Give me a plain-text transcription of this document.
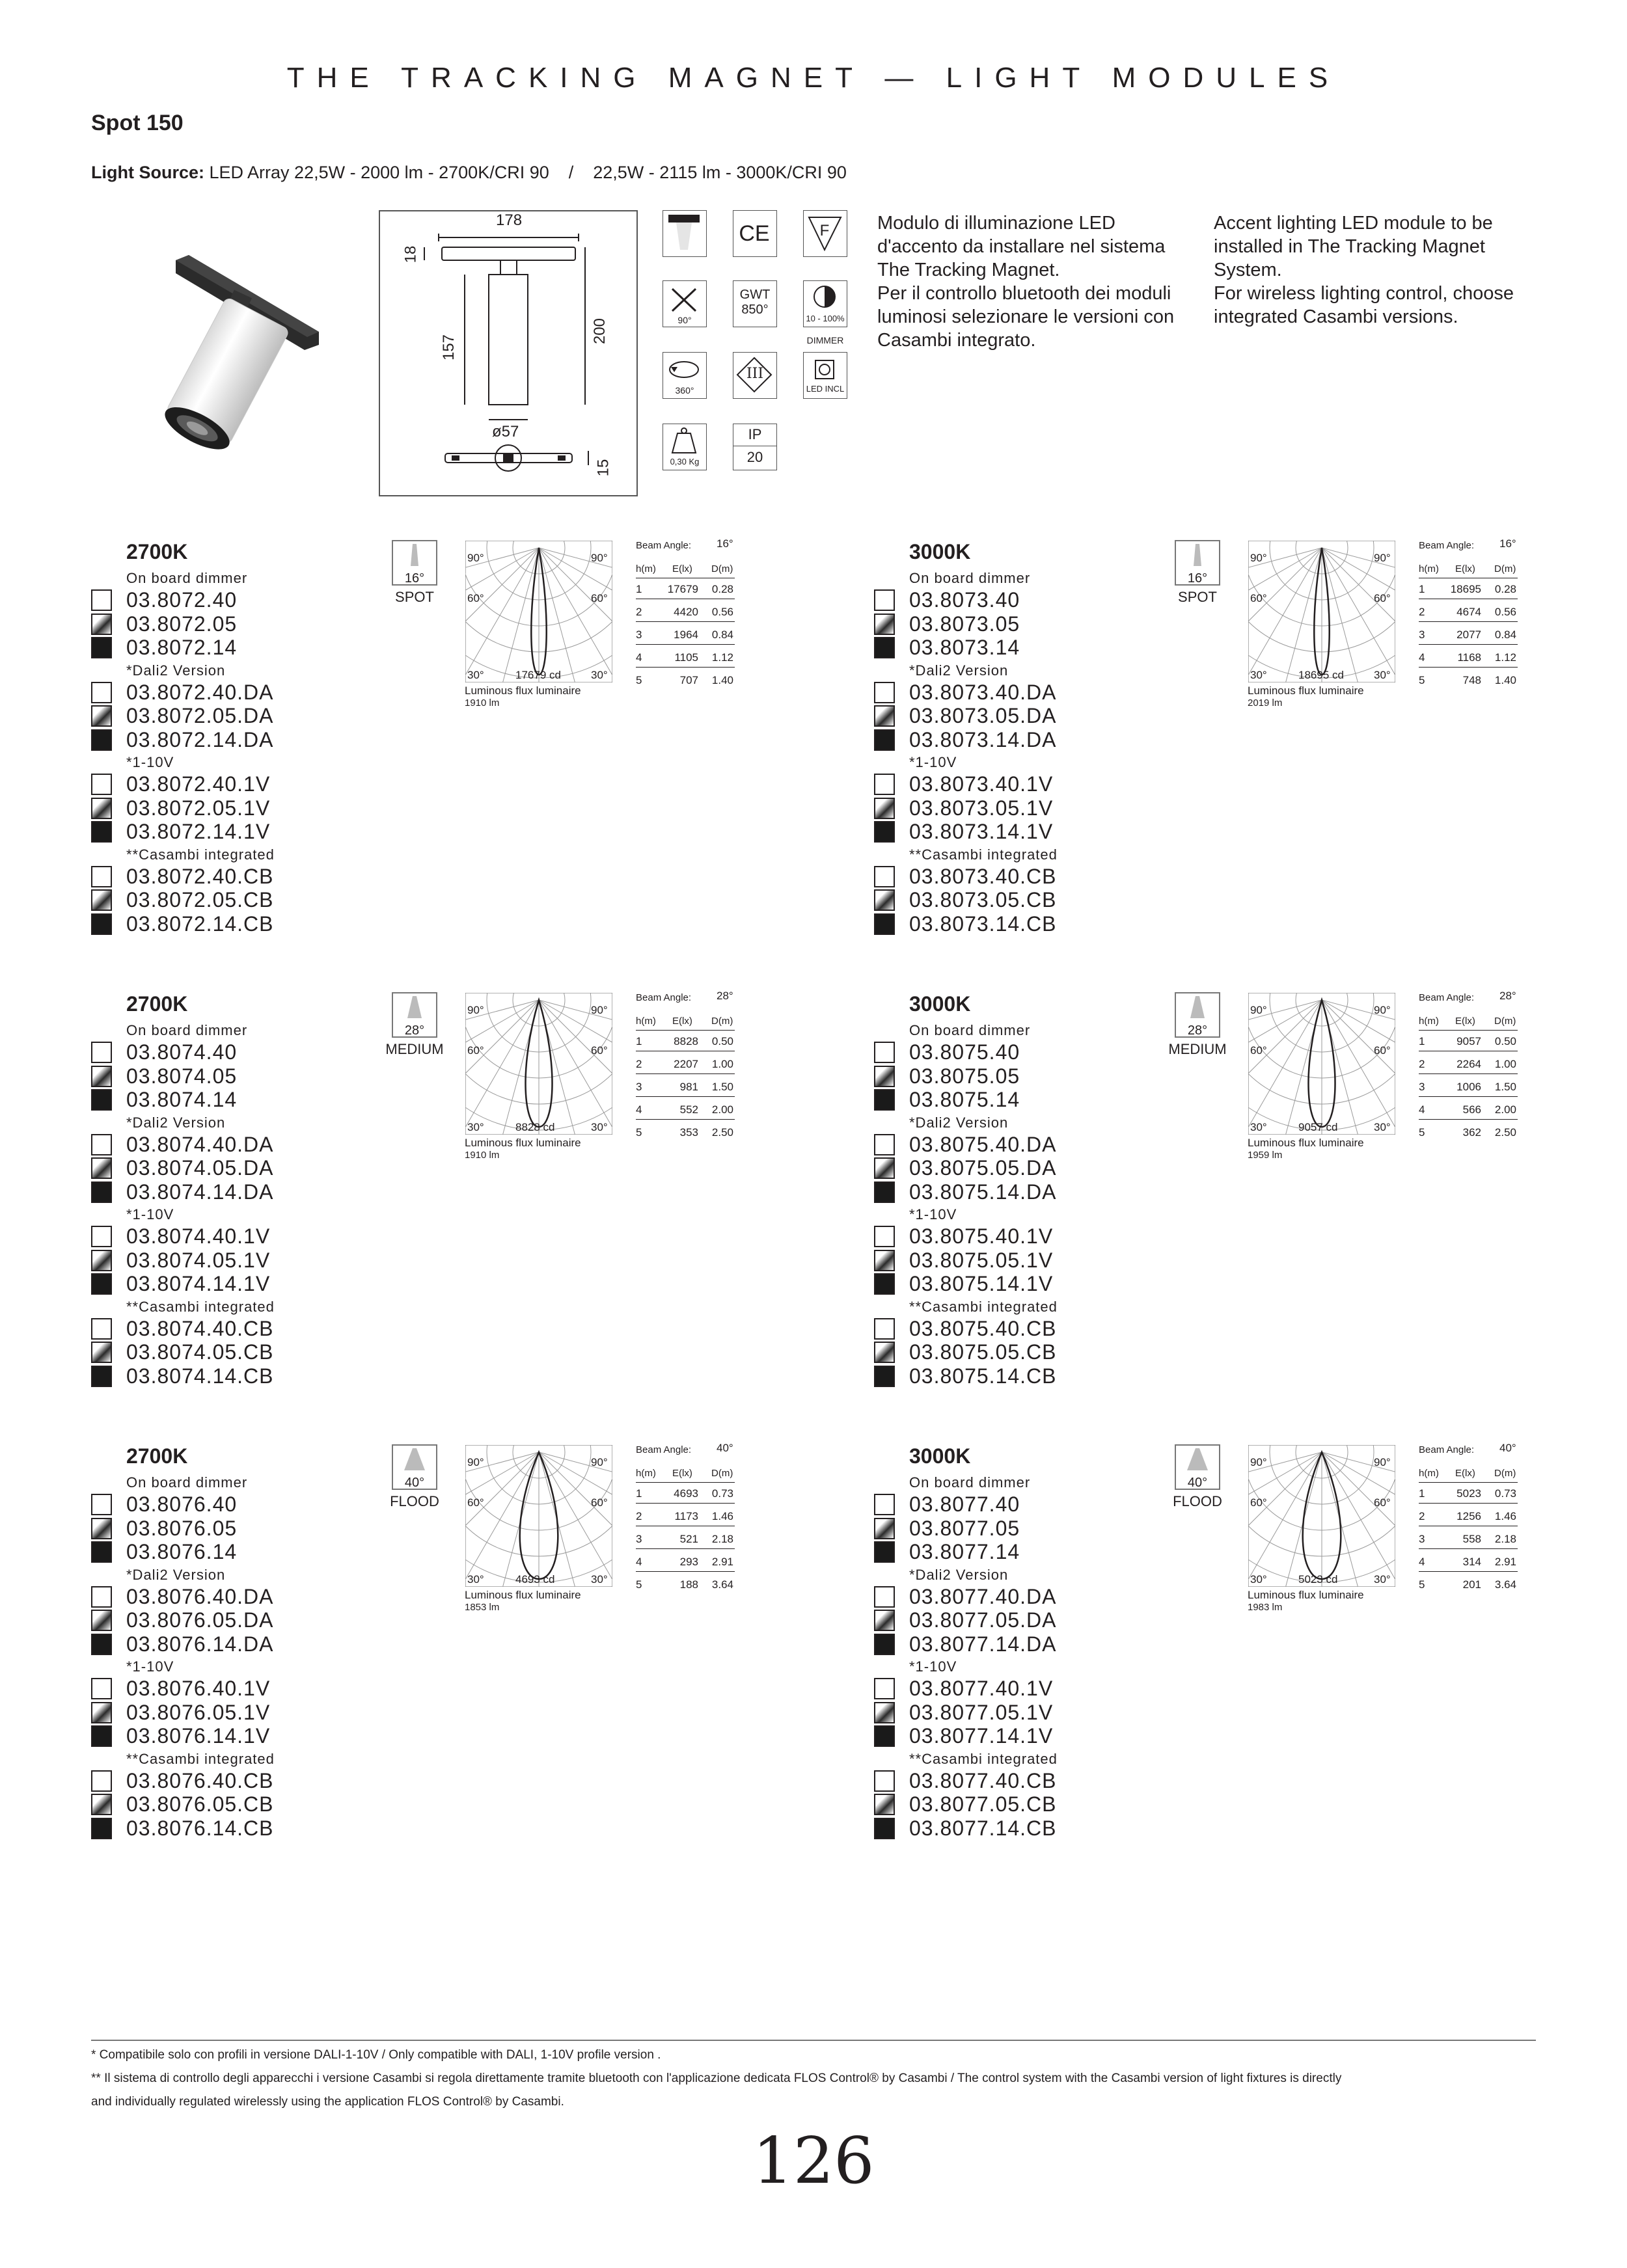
THE TRACKING MAGNET — LIGHT MODULES
Spot 150
Light Source: LED Array 22,5W - 2000 lm - 2700K/CRI 90    /    22,5W - 2115 lm - 3000K/CRI 90
178
18
157
200
ø57
15
CE	F
90°
GWT
850°
10 - 100%
DIMMER
360°
III
LED INCL
0,30 Kg
IP
20
Modulo di illuminazione LED
d'accento da installare nel sistema
The Tracking Magnet.
Per il controllo bluetooth dei moduli
luminosi selezionare le versioni con
Casambi integrato.
Accent lighting LED module to be
installed in The Tracking Magnet
System.
For wireless lighting control, choose
integrated Casambi versions.
2700K
On board dimmer
03.8072.40
03.8072.05
03.8072.14
*Dali2 Version
03.8072.40.DA
03.8072.05.DA
03.8072.14.DA
*1-10V
03.8072.40.1V
03.8072.05.1V
03.8072.14.1V
**Casambi integrated
03.8072.40.CB
03.8072.05.CB
03.8072.14.CB
16°
SPOT
90°	90°
60°	60°
30°	30°
17679 cd
Luminous flux luminaire
1910 lm
Beam Angle: 16°
h(m) E(lx) D(m)
1	17679	0.28
2	4420	0.56
3	1964	0.84
4	1105	1.12
5	707	1.40
3000K
On board dimmer
03.8073.40
03.8073.05
03.8073.14
*Dali2 Version
03.8073.40.DA
03.8073.05.DA
03.8073.14.DA
*1-10V
03.8073.40.1V
03.8073.05.1V
03.8073.14.1V
**Casambi integrated
03.8073.40.CB
03.8073.05.CB
03.8073.14.CB
16°
SPOT
90°	90°
60°	60°
30°	30°
18695 cd
Luminous flux luminaire
2019 lm
Beam Angle: 16°
h(m) E(lx) D(m)
1	18695	0.28
2	4674	0.56
3	2077	0.84
4	1168	1.12
5	748	1.40
2700K
On board dimmer
03.8074.40
03.8074.05
03.8074.14
*Dali2 Version
03.8074.40.DA
03.8074.05.DA
03.8074.14.DA
*1-10V
03.8074.40.1V
03.8074.05.1V
03.8074.14.1V
**Casambi integrated
03.8074.40.CB
03.8074.05.CB
03.8074.14.CB
28°
MEDIUM
90°	90°
60°	60°
30°	30°
8828 cd
Luminous flux luminaire
1910 lm
Beam Angle: 28°
h(m) E(lx) D(m)
1	8828	0.50
2	2207	1.00
3	981	1.50
4	552	2.00
5	353	2.50
3000K
On board dimmer
03.8075.40
03.8075.05
03.8075.14
*Dali2 Version
03.8075.40.DA
03.8075.05.DA
03.8075.14.DA
*1-10V
03.8075.40.1V
03.8075.05.1V
03.8075.14.1V
**Casambi integrated
03.8075.40.CB
03.8075.05.CB
03.8075.14.CB
28°
MEDIUM
90°	90°
60°	60°
30°	30°
9057 cd
Luminous flux luminaire
1959 lm
Beam Angle: 28°
h(m) E(lx) D(m)
1	9057	0.50
2	2264	1.00
3	1006	1.50
4	566	2.00
5	362	2.50
2700K
On board dimmer
03.8076.40
03.8076.05
03.8076.14
*Dali2 Version
03.8076.40.DA
03.8076.05.DA
03.8076.14.DA
*1-10V
03.8076.40.1V
03.8076.05.1V
03.8076.14.1V
**Casambi integrated
03.8076.40.CB
03.8076.05.CB
03.8076.14.CB
40°
FLOOD
90°	90°
60°	60°
30°	30°
4693 cd
Luminous flux luminaire
1853 lm
Beam Angle: 40°
h(m) E(lx) D(m)
1	4693	0.73
2	1173	1.46
3	521	2.18
4	293	2.91
5	188	3.64
3000K
On board dimmer
03.8077.40
03.8077.05
03.8077.14
*Dali2 Version
03.8077.40.DA
03.8077.05.DA
03.8077.14.DA
*1-10V
03.8077.40.1V
03.8077.05.1V
03.8077.14.1V
**Casambi integrated
03.8077.40.CB
03.8077.05.CB
03.8077.14.CB
40°
FLOOD
90°	90°
60°	60°
30°	30°
5023 cd
Luminous flux luminaire
1983 lm
Beam Angle: 40°
h(m) E(lx) D(m)
1	5023	0.73
2	1256	1.46
3	558	2.18
4	314	2.91
5	201	3.64
* Compatibile solo con profili in versione DALI-1-10V / Only compatible with DALI, 1-10V profile version .
** Il sistema di controllo degli apparecchi i versione Casambi si regola direttamente tramite bluetooth con l'applicazione dedicata FLOS Control® by Casambi / The control system with the Casambi version of light fixtures is directly
and individually regulated wirelessly using the application FLOS Control® by Casambi.
126
